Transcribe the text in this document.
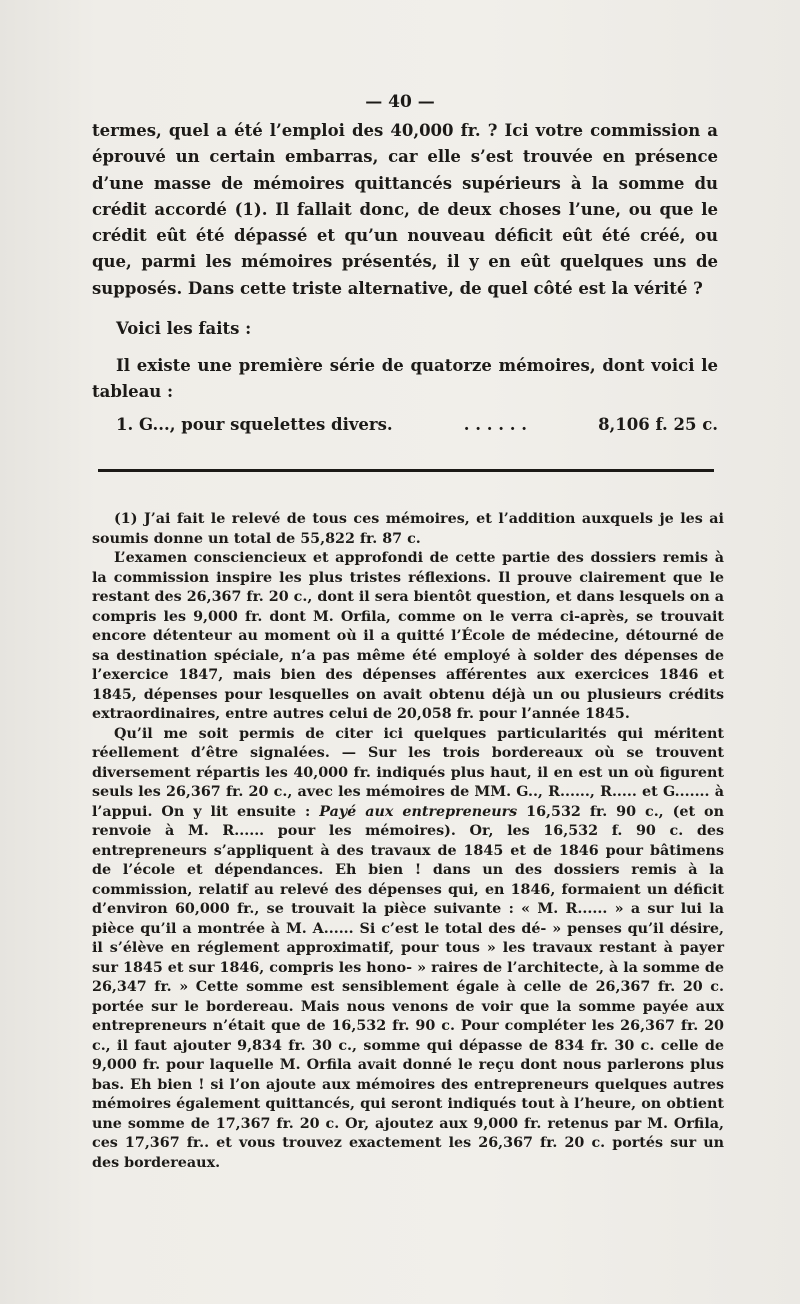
— 40 —

termes, quel a été l’emploi des 40,000 fr. ? Ici votre commission a éprouvé un certain embarras, car elle s’est trouvée en présence d’une masse de mémoires quittancés supérieurs à la somme du crédit accordé (1). Il fallait donc, de deux choses l’une, ou que le crédit eût été dépassé et qu’un nouveau déficit eût été créé, ou que, parmi les mémoires présentés, il y en eût quelques uns de supposés. Dans cette triste alternative, de quel côté est la vérité ?

Voici les faits :

Il existe une première série de quatorze mémoires, dont voici le tableau :

1. G..., pour squelettes divers.	. . . . . .	8,106 f. 25 c.

(1) J’ai fait le relevé de tous ces mémoires, et l’addition auxquels je les ai soumis donne un total de 55,822 fr. 87 c.

L’examen consciencieux et approfondi de cette partie des dossiers remis à la commission inspire les plus tristes réflexions. Il prouve clairement que le restant des 26,367 fr. 20 c., dont il sera bientôt question, et dans lesquels on a compris les 9,000 fr. dont M. Orfila, comme on le verra ci-après, se trouvait encore détenteur au moment où il a quitté l’École de médecine, détourné de sa destination spéciale, n’a pas même été employé à solder des dépenses de l’exercice 1847, mais bien des dépenses afférentes aux exercices 1846 et 1845, dépenses pour lesquelles on avait obtenu déjà un ou plusieurs crédits extraordinaires, entre autres celui de 20,058 fr. pour l’année 1845.

Qu’il me soit permis de citer ici quelques particularités qui méritent réellement d’être signalées. — Sur les trois bordereaux où se trouvent diversement répartis les 40,000 fr. indiqués plus haut, il en est un où figurent seuls les 26,367 fr. 20 c., avec les mémoires de MM. G.., R......, R..... et G....... à l’appui. On y lit ensuite : Payé aux entrepreneurs 16,532 fr. 90 c., (et on renvoie à M. R...... pour les mémoires). Or, les 16,532 f. 90 c. des entrepreneurs s’appliquent à des travaux de 1845 et de 1846 pour bâtimens de l’école et dépendances. Eh bien ! dans un des dossiers remis à la commission, relatif au relevé des dépenses qui, en 1846, formaient un déficit d’environ 60,000 fr., se trouvait la pièce suivante : « M. R...... » a sur lui la pièce qu’il a montrée à M. A...... Si c’est le total des dé- » penses qu’il désire, il s’élève en réglement approximatif, pour tous » les travaux restant à payer sur 1845 et sur 1846, compris les hono- » raires de l’architecte, à la somme de 26,347 fr. » Cette somme est sensiblement égale à celle de 26,367 fr. 20 c. portée sur le bordereau. Mais nous venons de voir que la somme payée aux entrepreneurs n’était que de 16,532 fr. 90 c. Pour compléter les 26,367 fr. 20 c., il faut ajouter 9,834 fr. 30 c., somme qui dépasse de 834 fr. 30 c. celle de 9,000 fr. pour laquelle M. Orfila avait donné le reçu dont nous parlerons plus bas. Eh bien ! si l’on ajoute aux mémoires des entrepreneurs quelques autres mémoires également quittancés, qui seront indiqués tout à l’heure, on obtient une somme de 17,367 fr. 20 c. Or, ajoutez aux 9,000 fr. retenus par M. Orfila, ces 17,367 fr.. et vous trouvez exactement les 26,367 fr. 20 c. portés sur un des bordereaux.
